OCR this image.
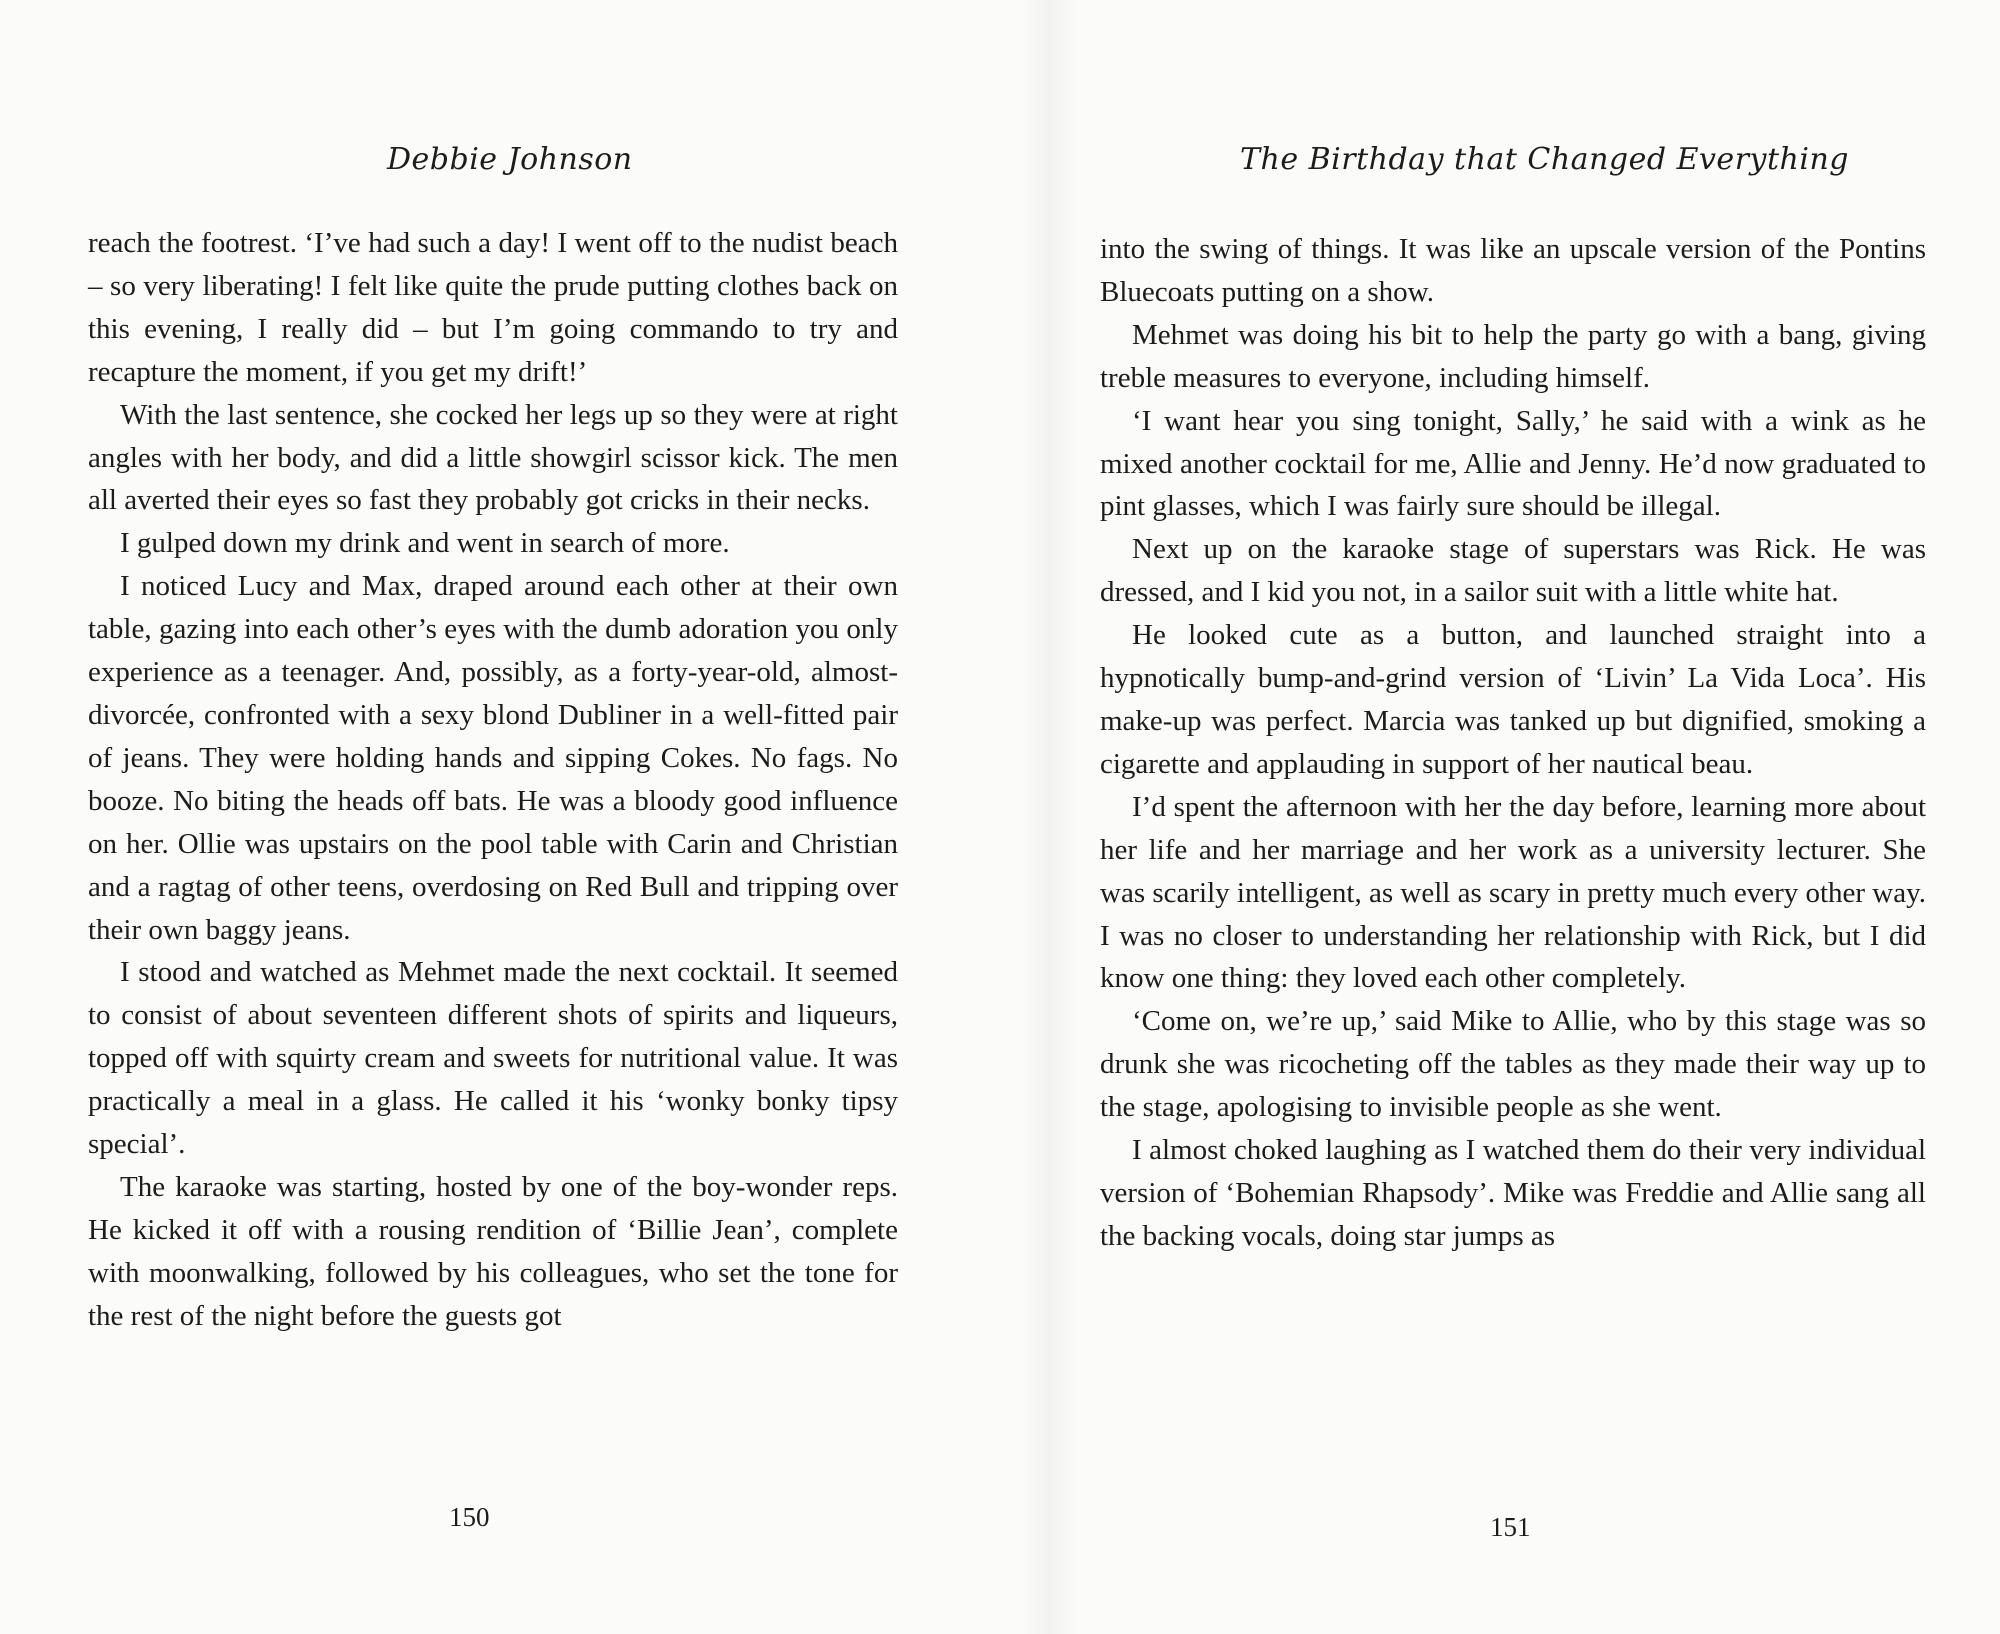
Debbie Johnson

reach the footrest. ‘I’ve had such a day! I went off to the nudist beach – so very liberating! I felt like quite the prude putting clothes back on this evening, I really did – but I’m going commando to try and recapture the moment, if you get my drift!’

With the last sentence, she cocked her legs up so they were at right angles with her body, and did a little showgirl scissor kick. The men all averted their eyes so fast they probably got cricks in their necks.

I gulped down my drink and went in search of more.

I noticed Lucy and Max, draped around each other at their own table, gazing into each other’s eyes with the dumb adoration you only experience as a teenager. And, possibly, as a forty-year-old, almost-divorcée, confronted with a sexy blond Dubliner in a well-fitted pair of jeans. They were holding hands and sipping Cokes. No fags. No booze. No biting the heads off bats. He was a bloody good influence on her. Ollie was upstairs on the pool table with Carin and Christian and a ragtag of other teens, overdosing on Red Bull and tripping over their own baggy jeans.

I stood and watched as Mehmet made the next cocktail. It seemed to consist of about seventeen different shots of spirits and liqueurs, topped off with squirty cream and sweets for nutritional value. It was practically a meal in a glass. He called it his ‘wonky bonky tipsy special’.

The karaoke was starting, hosted by one of the boy-wonder reps. He kicked it off with a rousing rendition of ‘Billie Jean’, complete with moonwalking, followed by his colleagues, who set the tone for the rest of the night before the guests got

150
The Birthday that Changed Everything

into the swing of things. It was like an upscale version of the Pontins Bluecoats putting on a show.

Mehmet was doing his bit to help the party go with a bang, giving treble measures to everyone, including himself.

‘I want hear you sing tonight, Sally,’ he said with a wink as he mixed another cocktail for me, Allie and Jenny. He’d now graduated to pint glasses, which I was fairly sure should be illegal.

Next up on the karaoke stage of superstars was Rick. He was dressed, and I kid you not, in a sailor suit with a little white hat.

He looked cute as a button, and launched straight into a hypnotically bump-and-grind version of ‘Livin’ La Vida Loca’. His make-up was perfect. Marcia was tanked up but dignified, smoking a cigarette and applauding in support of her nautical beau.

I’d spent the afternoon with her the day before, learning more about her life and her marriage and her work as a university lecturer. She was scarily intelligent, as well as scary in pretty much every other way. I was no closer to understanding her relationship with Rick, but I did know one thing: they loved each other completely.

‘Come on, we’re up,’ said Mike to Allie, who by this stage was so drunk she was ricocheting off the tables as they made their way up to the stage, apologising to invisible people as she went.

I almost choked laughing as I watched them do their very individual version of ‘Bohemian Rhapsody’. Mike was Freddie and Allie sang all the backing vocals, doing star jumps as

151
